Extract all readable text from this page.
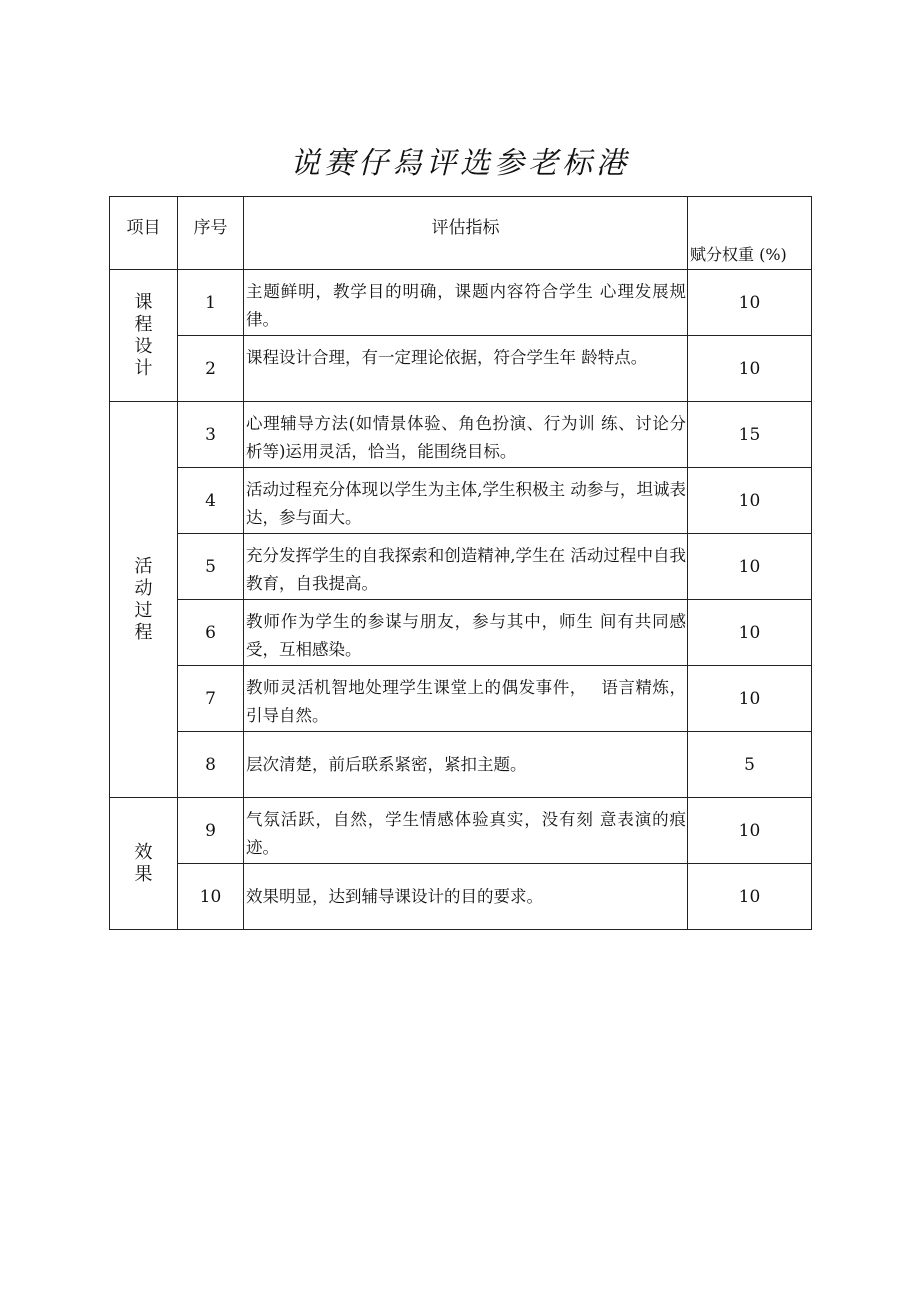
说赛仔舄评选参老标港
项目	序号	评估指标	赋分权重 (%)
课程设计	1	主题鲜明，教学目的明确，课题内容符合学生 心理发展规律。	10
	2	课程设计合理，有一定理论依据，符合学生年 龄特点。	10
活动过程	3	心理辅导方法(如情景体验、角色扮演、行为训 练、讨论分析等)运用灵活，恰当，能围绕目标。	15
	4	活动过程充分体现以学生为主体,学生积极主 动参与，坦诚表达，参与面大。	10
	5	充分发挥学生的自我探索和创造精神,学生在 活动过程中自我教育，自我提高。	10
	6	教师作为学生的参谋与朋友，参与其中，师生 间有共同感受，互相感染。	10
	7	教师灵活机智地处理学生课堂上的偶发事件，　 语言精炼，引导自然。	10
	8	层次清楚，前后联系紧密，紧扣主题。	5
效果	9	气氛活跃，自然，学生情感体验真实，没有刻 意表演的痕迹。	10
	10	效果明显，达到辅导课设计的目的要求。	10
